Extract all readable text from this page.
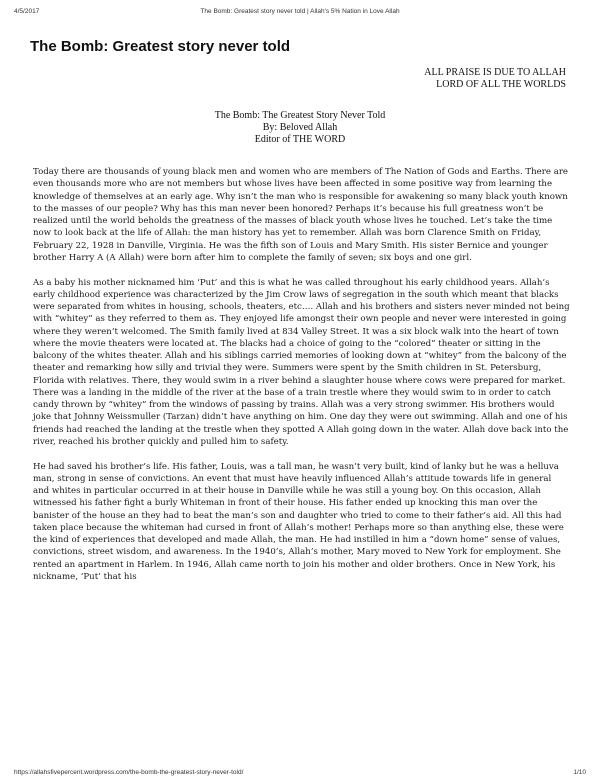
4/5/2017	The Bomb: Greatest story never told | Allah's 5% Nation in Love Allah
The Bomb: Greatest story never told
ALL PRAISE IS DUE TO ALLAH
LORD OF ALL THE WORLDS
The Bomb: The Greatest Story Never Told
By: Beloved Allah
Editor of THE WORD

Today there are thousands of young black men and women who are members of The Nation of Gods and Earths. There are even thousands more who are not members but whose lives have been affected in some positive way from learning the knowledge of themselves at an early age. Why isn’t the man who is responsible for awakening so many black youth known to the masses of our people? Why has this man never been honored? Perhaps it’s because his full greatness won’t be realized until the world beholds the greatness of the masses of black youth whose lives he touched. Let’s take the time now to look back at the life of Allah: the man history has yet to remember. Allah was born Clarence Smith on Friday, February 22, 1928 in Danville, Virginia. He was the fifth son of Louis and Mary Smith. His sister Bernice and younger brother Harry A (A Allah) were born after him to complete the family of seven; six boys and one girl.

As a baby his mother nicknamed him ‘Put’ and this is what he was called throughout his early childhood years. Allah’s early childhood experience was characterized by the Jim Crow laws of segregation in the south which meant that blacks were separated from whites in housing, schools, theaters, etc…. Allah and his brothers and sisters never minded not being with “whitey” as they referred to them as. They enjoyed life amongst their own people and never were interested in going where they weren’t welcomed. The Smith family lived at 834 Valley Street. It was a six block walk into the heart of town where the movie theaters were located at. The blacks had a choice of going to the “colored” theater or sitting in the balcony of the whites theater. Allah and his siblings carried memories of looking down at “whitey” from the balcony of the theater and remarking how silly and trivial they were. Summers were spent by the Smith children in St. Petersburg, Florida with relatives. There, they would swim in a river behind a slaughter house where cows were prepared for market. There was a landing in the middle of the river at the base of a train trestle where they would swim to in order to catch candy thrown by “whitey” from the windows of passing by trains. Allah was a very strong swimmer. His brothers would joke that Johnny Weissmuller (Tarzan) didn’t have anything on him. One day they were out swimming. Allah and one of his friends had reached the landing at the trestle when they spotted A Allah going down in the water. Allah dove back into the river, reached his brother quickly and pulled him to safety.

He had saved his brother’s life. His father, Louis, was a tall man, he wasn’t very built, kind of lanky but he was a helluva man, strong in sense of convictions. An event that must have heavily influenced Allah’s attitude towards life in general and whites in particular occurred in at their house in Danville while he was still a young boy. On this occasion, Allah witnessed his father fight a burly Whiteman in front of their house. His father ended up knocking this man over the banister of the house an they had to beat the man’s son and daughter who tried to come to their father’s aid. All this had taken place because the whiteman had cursed in front of Allah’s mother! Perhaps more so than anything else, these were the kind of experiences that developed and made Allah, the man. He had instilled in him a “down home” sense of values, convictions, street wisdom, and awareness. In the 1940’s, Allah’s mother, Mary moved to New York for employment. She rented an apartment in Harlem. In 1946, Allah came north to join his mother and older brothers. Once in New York, his nickname, ‘Put’ that his

https://allahsfivepercent.wordpress.com/the-bomb-the-greatest-story-never-told/	1/10
